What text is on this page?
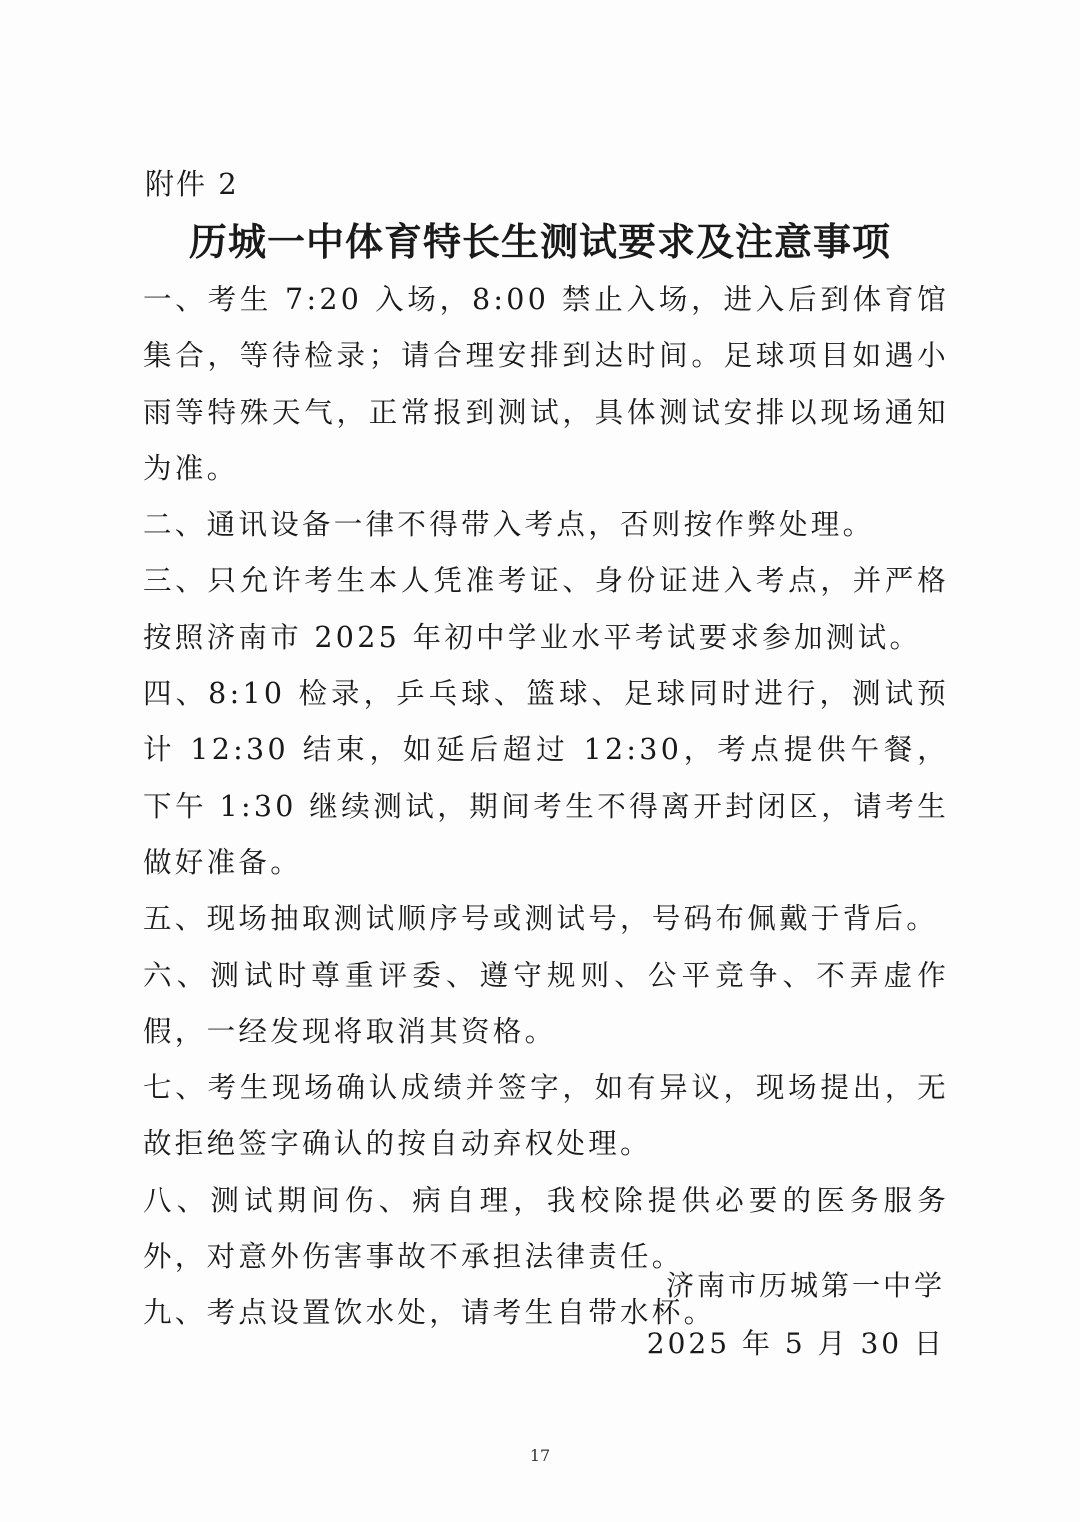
附件 2
历城一中体育特长生测试要求及注意事项

一、考生 7:20 入场，8:00 禁止入场，进入后到体育馆集合，等待检录；请合理安排到达时间。足球项目如遇小雨等特殊天气，正常报到测试，具体测试安排以现场通知为准。

二、通讯设备一律不得带入考点，否则按作弊处理。

三、只允许考生本人凭准考证、身份证进入考点，并严格按照济南市 2025 年初中学业水平考试要求参加测试。

四、8:10 检录，乒乓球、篮球、足球同时进行，测试预计 12:30 结束，如延后超过 12:30，考点提供午餐，下午 1:30 继续测试，期间考生不得离开封闭区，请考生做好准备。

五、现场抽取测试顺序号或测试号，号码布佩戴于背后。

六、测试时尊重评委、遵守规则、公平竞争、不弄虚作假，一经发现将取消其资格。

七、考生现场确认成绩并签字，如有异议，现场提出，无故拒绝签字确认的按自动弃权处理。

八、测试期间伤、病自理，我校除提供必要的医务服务外，对意外伤害事故不承担法律责任。

九、考点设置饮水处，请考生自带水杯。

济南市历城第一中学
2025 年 5 月 30 日
17
